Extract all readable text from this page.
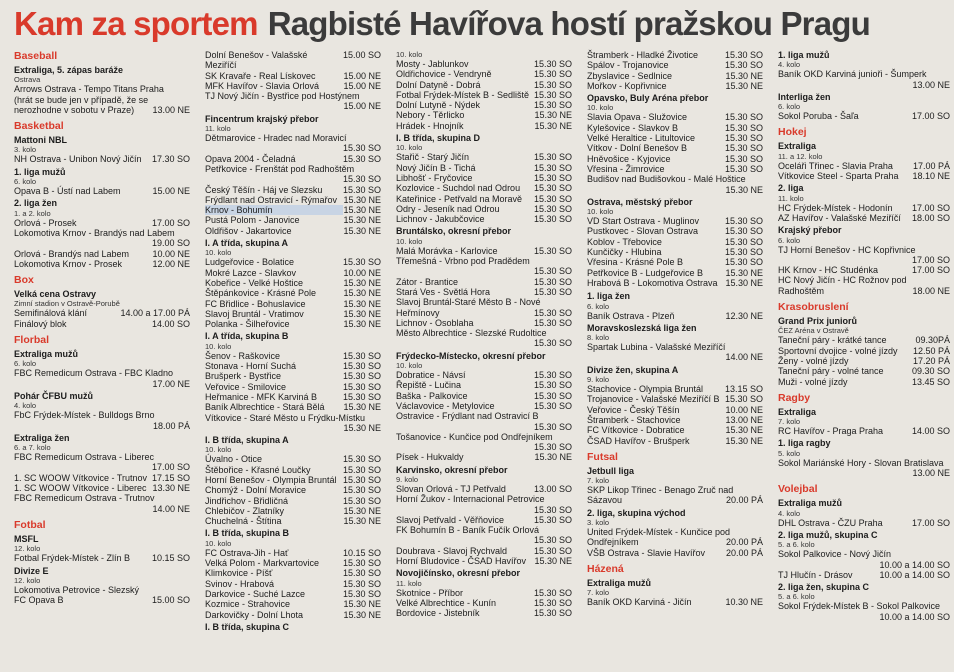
Kam za sportem Ragbisté Havířova hostí pražskou Pragu
Baseball
Extraliga, 5. zápas baráže
Ostrava
Arrows Ostrava - Tempo Titans Praha
(hrát se bude jen v případě, že se
nerozhodne v sobotu v Praze)	13.00 NE
Basketbal
Mattoni NBL
3. kolo
NH Ostrava - Unibon Nový Jičín	17.30 SO
1. liga mužů
6. kolo
Opava B - Ústí nad Labem	15.00 NE
2. liga žen
1. a 2. kolo
Orlová - Prosek	17.00 SO
Lokomotiva Krnov - Brandýs nad Labem
19.00 SO
Orlová - Brandýs nad Labem	10.00 NE
Lokomotiva Krnov - Prosek	12.00 NE
Box
Velká cena Ostravy
Zimní stadion v Ostravě-Porubě
Semifinálová klání	14.00 a 17.00 PÁ
Finálový blok	14.00 SO
Florbal
Extraliga mužů
6. kolo
FBC Remedicum Ostrava - FBC Kladno
17.00 NE
Pohár ČFBU mužů
4. kolo
FbC Frýdek-Místek - Bulldogs Brno
18.00 PÁ
Extraliga žen
6. a 7. kolo
FBC Remedicum Ostrava - Liberec
17.00 SO
1. SC WOOW Vítkovice - Trutnov 17.15 SO
1. SC WOOW Vítkovice - Liberec 13.30 NE
FBC Remedicum Ostrava - Trutnov
14.00 NE
Fotbal
MSFL
12. kolo
Fotbal Frýdek-Místek - Zlín B	10.15 SO
Divize E
12. kolo
Lokomotiva Petrovice - Slezský
FC Opava B	15.00 SO
Dolní Benešov - Valašské Meziříčí
15.00 SO
SK Kravaře - Real Lískovec	15.00 NE
MFK Havířov - Slavia Orlová	15.00 NE
TJ Nový Jičín - Bystřice pod Hostýnem
15.00 NE
Fincentrum krajský přebor
11. kolo
Dětmarovice - Hradec nad Moravicí
15.30 SO
Opava 2004 - Čeladná	15.30 SO
Petřkovice - Frenštát pod Radhoštěm
15.30 SO
Český Těšín - Háj ve Slezsku	15.30 SO
Frýdlant nad Ostravicí - Rýmařov 15.30 NE
Krnov - Bohumín	15.30 NE
Pustá Polom - Janovice	15.30 NE
Oldřišov - Jakartovice	15.30 NE
I. A třída, skupina A
10. kolo
Ludgeřovice - Bolatice	15.30 SO
Mokré Lazce - Slavkov	10.00 NE
Kobeřice - Velké Hoštice	15.30 NE
Štěpánkovice - Krásné Pole	15.30 NE
FC Břidlice - Bohuslavice	15.30 NE
Slavoj Bruntál - Vratimov	15.30 NE
Polanka - Šilheřovice	15.30 NE
I. A třída, skupina B
10. kolo
Šenov - Raškovice	15.30 SO
Stonava - Horní Suchá	15.30 SO
Brušperk - Bystřice	15.30 SO
Veřovice - Smilovice	15.30 SO
Heřmanice - MFK Karviná B	15.30 SO
Baník Albrechtice - Stará Bělá	15.30 NE
Vítkovice - Staré Město u Frýdku-Místku
15.30 NE
I. B třída, skupina A
10. kolo
Úvalno - Otice	15.30 SO
Štěbořice - Křasné Loučky	15.30 SO
Horní Benešov - Olympia Bruntál 15.30 SO
Chomýž - Dolní Moravice	15.30 SO
Jindřichov - Břidličná	15.30 SO
Chlebičov - Zlatníky	15.30 NE
Chuchelná - Štítina	15.30 NE
I. B třída, skupina B
10. kolo
FC Ostrava-Jih - Hať	10.15 SO
Velká Polom - Markvartovice	15.30 SO
Klimkovice - Píšť	15.30 SO
Svinov - Hrabová	15.30 SO
Darkovice - Suché Lazce	15.30 SO
Kozmice - Strahovice	15.30 NE
Darkovičky - Dolní Lhota	15.30 NE
I. B třída, skupina C
10. kolo
Mosty - Jablunkov	15.30 SO
Oldřichovice - Vendryně	15.30 SO
Dolní Datyně - Dobrá	15.30 SO
Fotbal Frýdek-Místek B - Sedliště 15.30 SO
Dolní Lutyně - Nýdek	15.30 SO
Nebory - Těrlicko	15.30 NE
Hrádek - Hnojník	15.30 NE
I. B třída, skupina D
10. kolo
Stařič - Starý Jičín	15.30 SO
Nový Jičín B - Tichá	15.30 SO
Libhošť - Fryčovice	15.30 SO
Kozlovice - Suchdol nad Odrou	15.30 SO
Kateřinice - Petřvald na Moravě	15.30 SO
Odry - Jeseník nad Odrou	15.30 SO
Lichnov - Jakubčovice	15.30 SO
Bruntálsko, okresní přebor
10. kolo
Malá Morávka - Karlovice	15.30 SO
Třemešná - Vrbno pod Pradědem
15.30 SO
Zátor - Brantice	15.30 SO
Stará Ves - Světlá Hora	15.30 SO
Slavoj Bruntál-Staré Město B - Nové
Heřmínovy	15.30 SO
Lichnov - Osoblaha	15.30 SO
Město Albrechtice - Slezské Rudoltice
15.30 SO
Frýdecko-Místecko, okresní přebor
10. kolo
Dobratice - Návsí	15.30 SO
Řepiště - Lučina	15.30 SO
Baška - Palkovice	15.30 SO
Václavovice - Metylovice	15.30 SO
Ostravice - Frýdlant nad Ostravicí B
15.30 SO
Tošanovice - Kunčice pod Ondřejníkem
15.30 SO
Písek - Hukvaldy	15.30 NE
Karvinsko, okresní přebor
9. kolo
Slovan Orlová - TJ Petřvald	13.00 SO
Horní Žukov - Internacional Petrovice
15.30 SO
Slavoj Petřvald - Věřňovice	15.30 SO
FK Bohumín B - Baník Fučík Orlová
15.30 SO
Doubrava - Slavoj Rychvald	15.30 SO
Horní Bludovice - ČSAD Havířov 15.30 NE
Novojičínsko, okresní přebor
11. kolo
Skotnice - Příbor	15.30 SO
Velké Albrechtice - Kunín	15.30 SO
Bordovice - Jistebník	15.30 SO
Štramberk - Hladké Životice	15.30 SO
Spálov - Trojanovice	15.30 SO
Zbyslavice - Sedlnice	15.30 NE
Mořkov - Kopřivnice	15.30 NE
Opavsko, Buly Aréna přebor
10. kolo
Slavia Opava - Služovice	15.30 SO
Kylešovice - Slavkov B	15.30 SO
Velké Heraltice - Litultovice	15.30 SO
Vítkov - Dolní Benešov B	15.30 SO
Hněvošice - Kyjovice	15.30 SO
Vřesina - Žimrovice	15.30 SO
Budišov nad Budišovkou - Malé Hoštice
15.30 NE
Ostrava, městský přebor
10. kolo
VD Start Ostrava - Muglinov	15.30 SO
Pustkovec - Slovan Ostrava	15.30 SO
Koblov - Třebovice	15.30 SO
Kunčičky - Hlubina	15.30 SO
Vřesina - Krásné Pole B	15.30 SO
Petřkovice B - Ludgeřovice B	15.30 NE
Hrabová B - Lokomotiva Ostrava 15.30 NE
1. liga žen
6. kolo
Baník Ostrava - Plzeň	12.30 NE
Moravskoslezská liga žen
8. kolo
Spartak Lubina - Valašské Meziříčí
14.00 NE
Divize žen, skupina A
9. kolo
Stachovice - Olympia Bruntál	13.15 SO
Trojanovice - Valašské Meziříčí B 15.30 SO
Veřovice - Český Těšín	10.00 NE
Štramberk - Stachovice	13.00 NE
FC Vítkovice - Dobratice	15.30 NE
ČSAD Havířov - Brušperk	15.30 NE
Futsal
Jetbull liga
7. kolo
SKP Likop Třinec - Benago Zruč nad
Sázavou	20.00 PÁ
2. liga, skupina východ
3. kolo
United Frýdek-Místek - Kunčice pod
Ondřejníkem	20.00 PÁ
VŠB Ostrava - Slavie Havířov	20.00 PÁ
Házená
Extraliga mužů
7. kolo
Baník OKD Karviná - Jičín	10.30 NE
1. liga mužů
4. kolo
Baník OKD Karviná junioři - Šumperk
13.00 NE
Interliga žen
6. kolo
Sokol Poruba - Šaľa	17.00 SO
Hokej
Extraliga
11. a 12. kolo
Oceláři Třinec - Slavia Praha	17.00 PÁ
Vítkovice Steel - Sparta Praha	18.10 NE
2. liga
11. kolo
HC Frýdek-Místek - Hodonín	17.00 SO
AZ Havířov - Valašské Meziříčí	18.00 SO
Krajský přebor
6. kolo
TJ Horní Benešov - HC Kopřivnice
17.00 SO
HK Krnov - HC Studénka	17.00 SO
HC Nový Jičín - HC Rožnov pod
Radhoštěm	18.00 NE
Krasobruslení
Grand Prix juniorů
ČEZ Aréna v Ostravě
Taneční páry - krátké tance	09.30PÁ
Sportovní dvojice - volné jízdy	12.50 PÁ
Ženy - volné jízdy	17.20 PÁ
Taneční páry - volné tance	09.30 SO
Muži - volné jízdy	13.45 SO
Ragby
Extraliga
7. kolo
RC Havířov - Praga Praha	14.00 SO
1. liga ragby
5. kolo
Sokol Mariánské Hory - Slovan Bratislava
13.00 NE
Volejbal
Extraliga mužů
4. kolo
DHL Ostrava - ČZU Praha	17.00 SO
2. liga mužů, skupina C
5. a 6. kolo
Sokol Palkovice - Nový Jičín
10.00 a 14.00 SO
TJ Hlučín - Drásov	10.00 a 14.00 SO
2. liga žen, skupina C
5. a 6. kolo
Sokol Frýdek-Místek B - Sokol Palkovice
10.00 a 14.00 SO
